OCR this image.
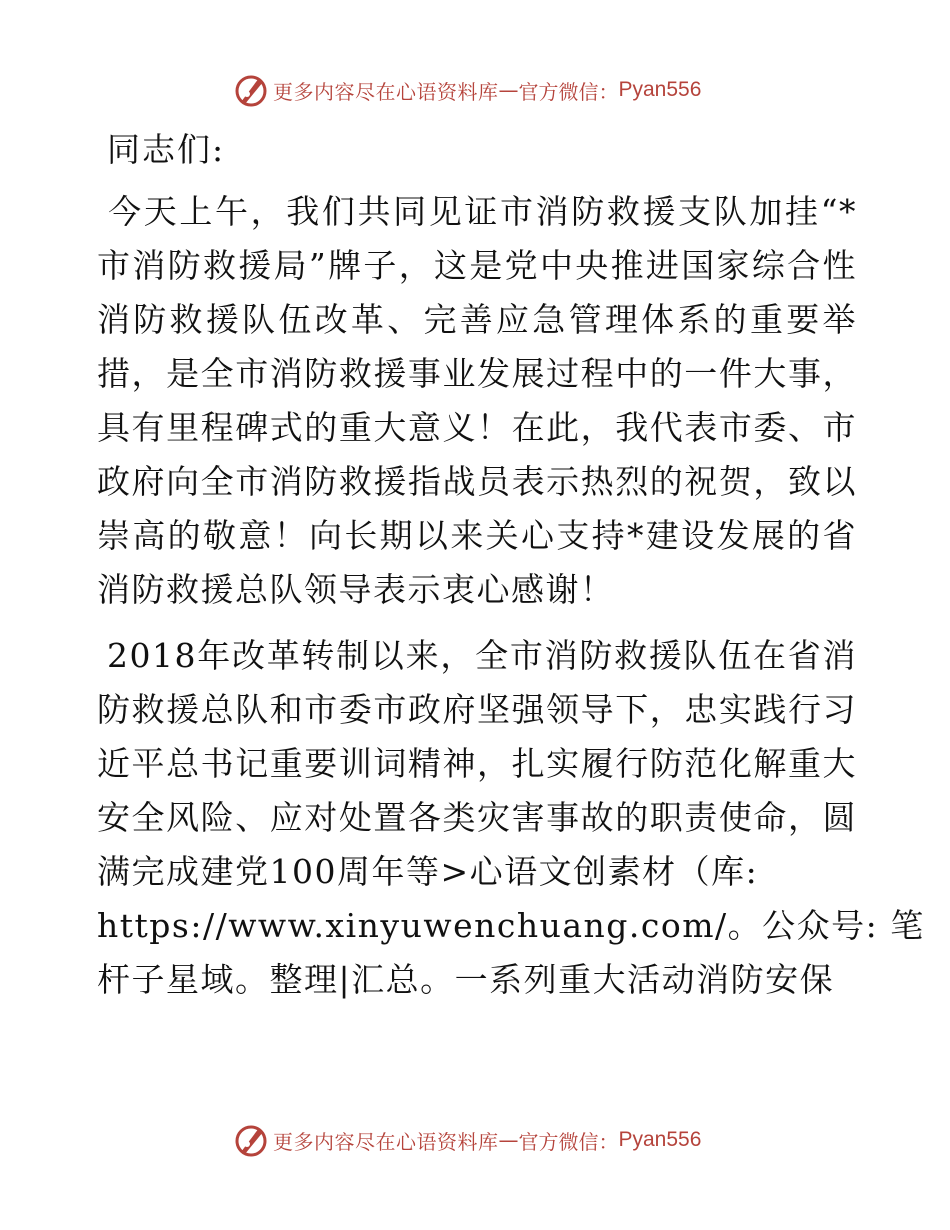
更多内容尽在心语资料库 — 官方微信： Pyan556
同志们:

今天上午，我们共同见证市消防救援支队加挂“*市消防救援局”牌子，这是党中央推进国家综合性消防救援队伍改革、完善应急管理体系的重要举措，是全市消防救援事业发展过程中的一件大事，具有里程碑式的重大意义！在此，我代表市委、市政府向全市消防救援指战员表示热烈的祝贺，致以崇高的敬意！向长期以来关心支持*建设发展的省消防救援总队领导表示衷心感谢！

2018年改革转制以来，全市消防救援队伍在省消防救援总队和市委市政府坚强领导下，忠实践行习近平总书记重要训词精神，扎实履行防范化解重大安全风险、应对处置各类灾害事故的职责使命，圆满完成建党100周年等>心语文创素材（库:

https://www.xinyuwenchuang.com/。公众号: 笔

杆子星域。整理|汇总。一系列重大活动消防安保

更多内容尽在心语资料库 — 官方微信： Pyan556
